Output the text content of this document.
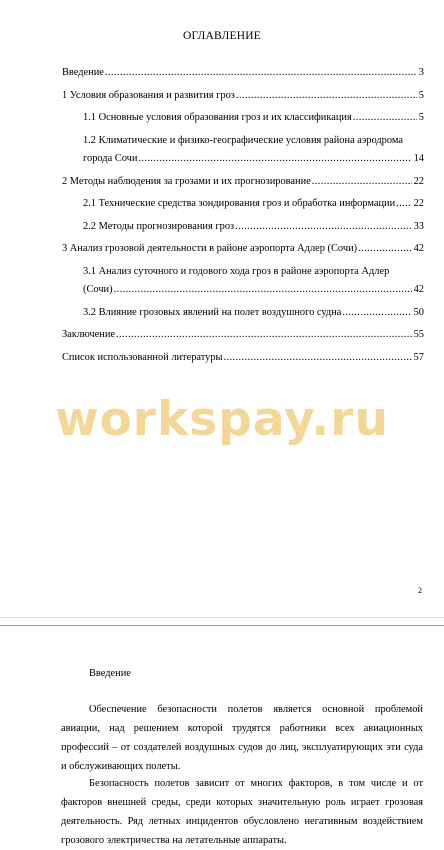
ОГЛАВЛЕНИЕ
Введение .....	3
1 Условия образования и развития гроз .....	5
1.1 Основные условия образования гроз и их классификация .....	5
1.2 Климатические и физико-географические условия района аэродрома
города Сочи .....	14
2 Методы наблюдения за грозами и их прогнозирование .....	22
2.1 Технические средства зондирования гроз и обработка информации ..... 22
2.2 Методы прогнозирования гроз .....	33
3 Анализ грозовой деятельности в районе аэропорта Адлер (Сочи) .....	42
3.1 Анализ суточного и годового хода гроз в районе аэропорта Адлер
(Сочи) .....	42
3.2 Влияние грозовых явлений на полет воздушного судна .....	50
Заключение .....	55
Список использованной литературы .....	57
workspay.ru
2
Введение
Обеспечение безопасности полетов является основной проблемой авиации, над решением которой трудятся работники всех авиационных профессий – от создателей воздушных судов до лиц, эксплуатирующих эти суда и обслуживающих полеты.
Безопасность полетов зависит от многих факторов, в том числе и от факторов внешней среды, среди которых значительную роль играет грозовая деятельность. Ряд летных инцидентов обусловлено негативным воздействием грозового электричества на летательные аппараты.
